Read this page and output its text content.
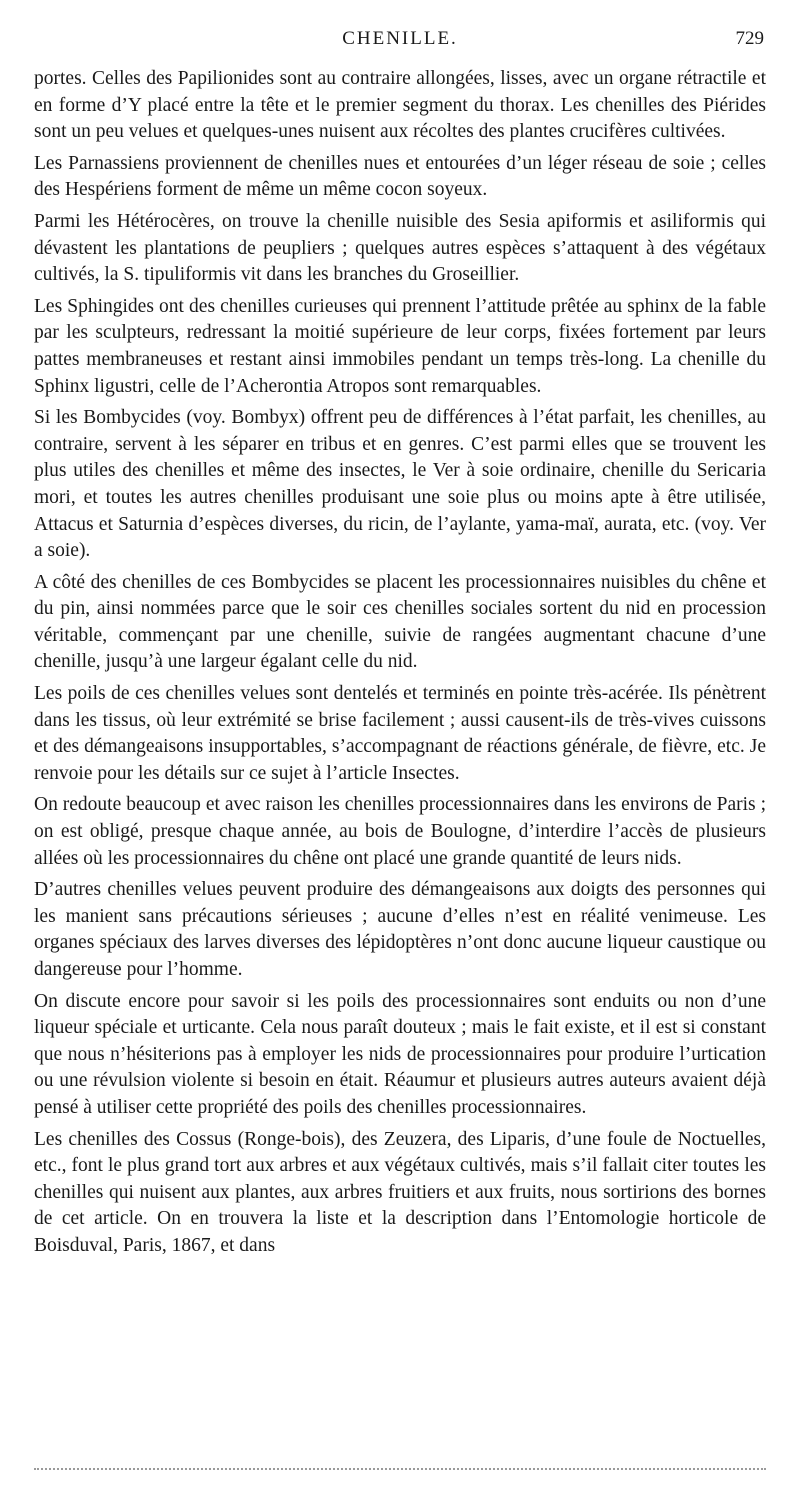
CHENILLE.	729

portes. Celles des Papilionides sont au contraire allongées, lisses, avec un organe rétractile et en forme d’Y placé entre la tête et le premier segment du thorax. Les chenilles des Piérides sont un peu velues et quelques-unes nuisent aux récoltes des plantes crucifères cultivées.

Les Parnassiens proviennent de chenilles nues et entourées d’un léger réseau de soie ; celles des Hespériens forment de même un même cocon soyeux.

Parmi les Hétérocères, on trouve la chenille nuisible des Sesia apiformis et asiliformis qui dévastent les plantations de peupliers ; quelques autres espèces s’attaquent à des végétaux cultivés, la S. tipuliformis vit dans les branches du Groseillier.

Les Sphingides ont des chenilles curieuses qui prennent l’attitude prêtée au sphinx de la fable par les sculpteurs, redressant la moitié supérieure de leur corps, fixées fortement par leurs pattes membraneuses et restant ainsi immobiles pendant un temps très-long. La chenille du Sphinx ligustri, celle de l’Acherontia Atropos sont remarquables.

Si les Bombycides (voy. Bombyx) offrent peu de différences à l’état parfait, les chenilles, au contraire, servent à les séparer en tribus et en genres. C’est parmi elles que se trouvent les plus utiles des chenilles et même des insectes, le Ver à soie ordinaire, chenille du Sericaria mori, et toutes les autres chenilles produisant une soie plus ou moins apte à être utilisée, Attacus et Saturnia d’espèces diverses, du ricin, de l’aylante, yama-maï, aurata, etc. (voy. Ver a soie).

A côté des chenilles de ces Bombycides se placent les processionnaires nuisibles du chêne et du pin, ainsi nommées parce que le soir ces chenilles sociales sortent du nid en procession véritable, commençant par une chenille, suivie de rangées augmentant chacune d’une chenille, jusqu’à une largeur égalant celle du nid.

Les poils de ces chenilles velues sont dentelés et terminés en pointe très-acérée. Ils pénètrent dans les tissus, où leur extrémité se brise facilement ; aussi causent-ils de très-vives cuissons et des démangeaisons insupportables, s’accompagnant de réactions générale, de fièvre, etc. Je renvoie pour les détails sur ce sujet à l’article Insectes.

On redoute beaucoup et avec raison les chenilles processionnaires dans les environs de Paris ; on est obligé, presque chaque année, au bois de Boulogne, d’interdire l’accès de plusieurs allées où les processionnaires du chêne ont placé une grande quantité de leurs nids.

D’autres chenilles velues peuvent produire des démangeaisons aux doigts des personnes qui les manient sans précautions sérieuses ; aucune d’elles n’est en réalité venimeuse. Les organes spéciaux des larves diverses des lépidoptères n’ont donc aucune liqueur caustique ou dangereuse pour l’homme.

On discute encore pour savoir si les poils des processionnaires sont enduits ou non d’une liqueur spéciale et urticante. Cela nous paraît douteux ; mais le fait existe, et il est si constant que nous n’hésiterions pas à employer les nids de processionnaires pour produire l’urtication ou une révulsion violente si besoin en était. Réaumur et plusieurs autres auteurs avaient déjà pensé à utiliser cette propriété des poils des chenilles processionnaires.

Les chenilles des Cossus (Ronge-bois), des Zeuzera, des Liparis, d’une foule de Noctuelles, etc., font le plus grand tort aux arbres et aux végétaux cultivés, mais s’il fallait citer toutes les chenilles qui nuisent aux plantes, aux arbres fruitiers et aux fruits, nous sortirions des bornes de cet article. On en trouvera la liste et la description dans l’Entomologie horticole de Boisduval, Paris, 1867, et dans
